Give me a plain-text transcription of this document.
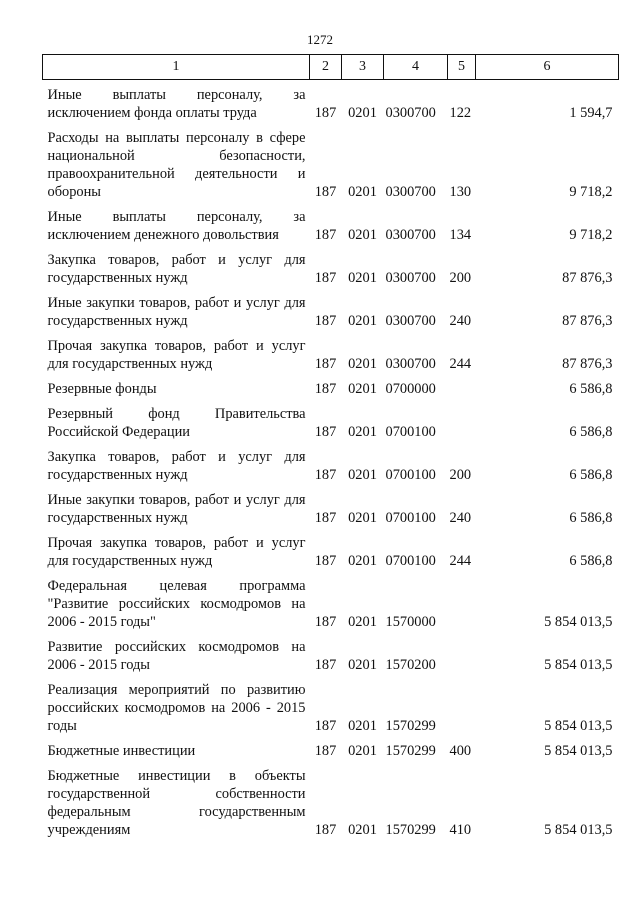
1272
1	2	3	4	5	6
Иные выплаты персоналу, за исключением фонда оплаты труда	187	0201	0300700	122	1 594,7
Расходы на выплаты персоналу в сфере национальной безопасности, правоохранительной деятельности и обороны	187	0201	0300700	130	9 718,2
Иные выплаты персоналу, за исключением денежного довольствия	187	0201	0300700	134	9 718,2
Закупка товаров, работ и услуг для государственных нужд	187	0201	0300700	200	87 876,3
Иные закупки товаров, работ и услуг для государственных нужд	187	0201	0300700	240	87 876,3
Прочая закупка товаров, работ и услуг для государственных нужд	187	0201	0300700	244	87 876,3
Резервные фонды	187	0201	0700000		6 586,8
Резервный фонд Правительства Российской Федерации	187	0201	0700100		6 586,8
Закупка товаров, работ и услуг для государственных нужд	187	0201	0700100	200	6 586,8
Иные закупки товаров, работ и услуг для государственных нужд	187	0201	0700100	240	6 586,8
Прочая закупка товаров, работ и услуг для государственных нужд	187	0201	0700100	244	6 586,8
Федеральная целевая программа "Развитие российских космодромов на 2006 - 2015 годы"	187	0201	1570000		5 854 013,5
Развитие российских космодромов на 2006 - 2015 годы	187	0201	1570200		5 854 013,5
Реализация мероприятий по развитию российских космодромов на 2006 - 2015 годы	187	0201	1570299		5 854 013,5
Бюджетные инвестиции	187	0201	1570299	400	5 854 013,5
Бюджетные инвестиции в объекты государственной собственности федеральным государственным учреждениям	187	0201	1570299	410	5 854 013,5
